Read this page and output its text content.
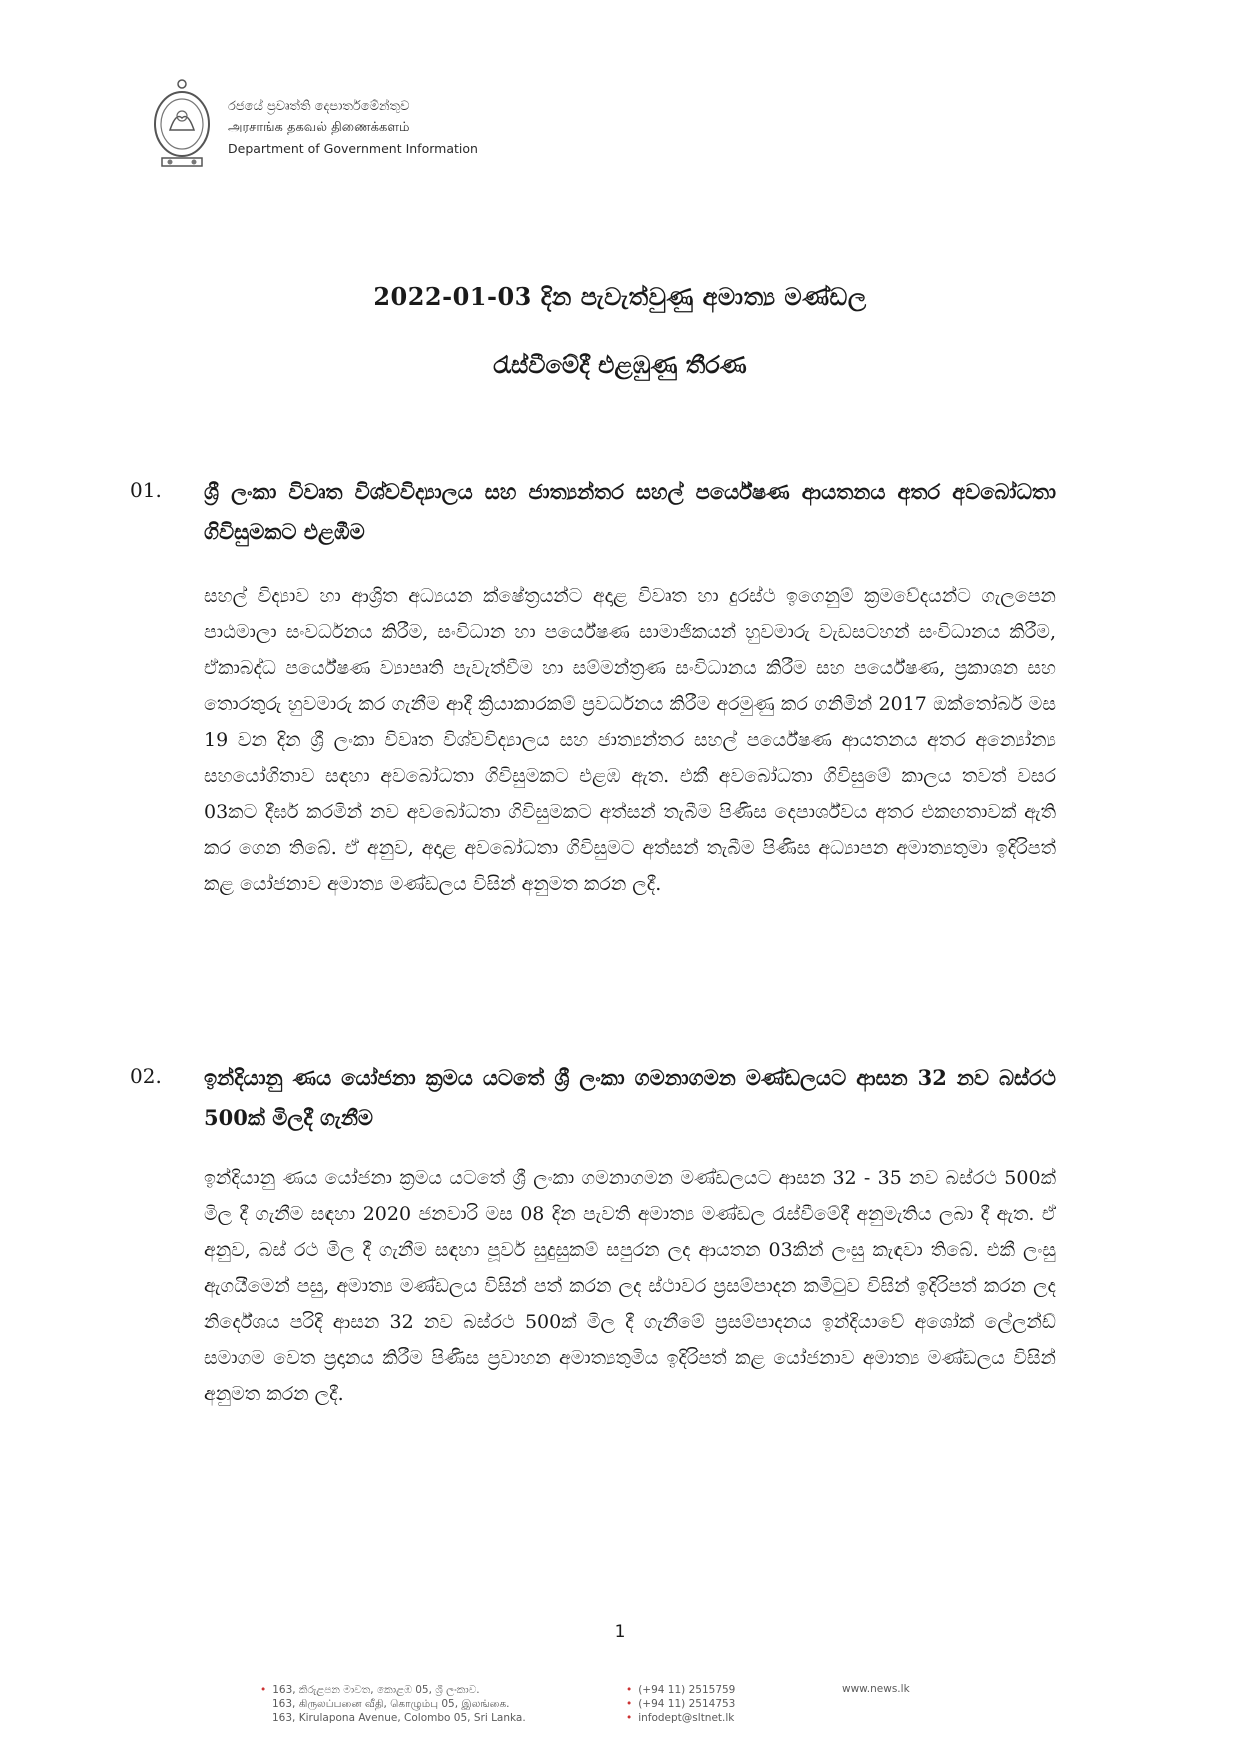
රජයේ ප්‍රවෘත්ති දෙපාර්තමේන්තුව
அரசாங்க தகவல் திணைக்களம்
Department of Government Information
2022-01-03 දින පැවැත්වුණු අමාත්‍ය මණ්ඩල
රැස්වීමේදී එළඹුණු තීරණ
01. ශ්‍රී ලංකා විවෘත විශ්වවිද්‍යාලය සහ ජාත්‍යන්තර සහල් පර්යේෂණ ආයතනය අතර අවබෝධතා ගිවිසුමකට එළඹීම
සහල් විද්‍යාව හා ආශ්‍රිත අධ්‍යයන ක්ෂේත්‍රයන්ට අදාළ විවෘත හා දුරස්ථ ඉගෙනුම් ක්‍රමවේදයන්ට ගැලපෙන පාඨමාලා සංවර්ධනය කිරීම, සංවිධාන හා පර්යේෂණ සාමාජිකයන් හුවමාරු වැඩසටහන් සංවිධානය කිරීම, ඒකාබද්ධ පර්යේෂණ ව්‍යාපෘති පැවැත්වීම හා සම්මන්ත්‍රණ සංවිධානය කිරීම සහ පර්යේෂණ, ප්‍රකාශන සහ තොරතුරු හුවමාරු කර ගැනීම ආදී ක්‍රියාකාරකම් ප්‍රවර්ධනය කිරීම අරමුණු කර ගනිමින් 2017 ඔක්තෝබර් මස 19 වන දින ශ්‍රී ලංකා විවෘත විශ්වවිද්‍යාලය සහ ජාත්‍යන්තර සහල් පර්යේෂණ ආයතනය අතර අන්‍යෝන්‍ය සහයෝගිතාව සඳහා අවබෝධතා ගිවිසුමකට එළඹ ඇත. එකී අවබෝධතා ගිවිසුමේ කාලය තවත් වසර 03කට දීර්ඝ කරමින් නව අවබෝධතා ගිවිසුමකට අත්සන් තැබීම පිණිස දෙපාර්ශ්වය අතර එකඟතාවක් ඇති කර ගෙන තිබේ. ඒ අනුව, අදාළ අවබෝධතා ගිවිසුමට අත්සන් තැබීම පිණිස අධ්‍යාපන අමාත්‍යතුමා ඉදිරිපත් කළ යෝජනාව අමාත්‍ය මණ්ඩලය විසින් අනුමත කරන ලදී.
02. ඉන්දියානු ණය යෝජනා ක්‍රමය යටතේ ශ්‍රී ලංකා ගමනාගමන මණ්ඩලයට ආසන 32 නව බස්රථ 500ක් මිලදී ගැනීම
ඉන්දියානු ණය යෝජනා ක්‍රමය යටතේ ශ්‍රී ලංකා ගමනාගමන මණ්ඩලයට ආසන 32 - 35 නව බස්රථ 500ක් මිල දී ගැනීම සඳහා 2020 ජනවාරි මස 08 දින පැවති අමාත්‍ය මණ්ඩල රැස්වීමේදී අනුමැතිය ලබා දී ඇත. ඒ අනුව, බස් රථ මිල දී ගැනීම සඳහා පූර්ව සුදුසුකම් සපුරන ලද ආයතන 03කින් ලංසු කැඳවා තිබේ. එකී ලංසු ඇගයීමෙන් පසු, අමාත්‍ය මණ්ඩලය විසින් පත් කරන ලද ස්ථාවර ප්‍රසම්පාදන කමිටුව විසින් ඉදිරිපත් කරන ලද නිර්දේශය පරිදි ආසන 32 නව බස්රථ 500ක් මිල දී ගැනීමේ ප්‍රසම්පාදනය ඉන්දියාවේ අශෝක් ලේලන්ඩ් සමාගම වෙත ප්‍රදානය කිරීම පිණිස ප්‍රවාහන අමාත්‍යතුමිය ඉදිරිපත් කළ යෝජනාව අමාත්‍ය මණ්ඩලය විසින් අනුමත කරන ලදී.
1
• 163, කිරුළපන මාවත, කොළඹ 05, ශ්‍රී ලංකාව.
163, கிருலப்பனை வீதி, கொழும்பு 05, இலங்கை.
163, Kirulapona Avenue, Colombo 05, Sri Lanka.
• (+94 11) 2515759
• (+94 11) 2514753
• infodept@sltnet.lk
www.news.lk
